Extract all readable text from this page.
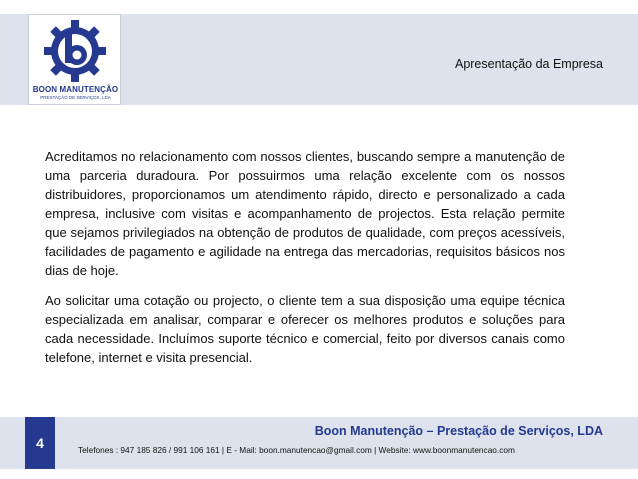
BOON MANUTENÇÃO
PRESTAÇÃO DE SERVIÇOS, LDA
Apresentação da Empresa

Acreditamos no relacionamento com nossos clientes, buscando sempre a manutenção de uma parceria duradoura. Por possuirmos uma relação excelente com os nossos distribuidores, proporcionamos um atendimento rápido, directo e personalizado a cada empresa, inclusive com visitas e acompanhamento de projectos. Esta relação permite que sejamos privilegiados na obtenção de produtos de qualidade, com preços acessíveis, facilidades de pagamento e agilidade na entrega das mercadorias, requisitos básicos nos dias de hoje.

Ao solicitar uma cotação ou projecto, o cliente tem a sua disposição uma equipe técnica especializada em analisar, comparar e oferecer os melhores produtos e soluções para cada necessidade. Incluímos suporte técnico e comercial, feito por diversos canais como telefone, internet e visita presencial.

4
Boon Manutenção – Prestação de Serviços, LDA
Telefones : 947 185 826 / 991 106 161 | E - Mail: boon.manutencao@gmail.com | Website: www.boonmanutencao.com
